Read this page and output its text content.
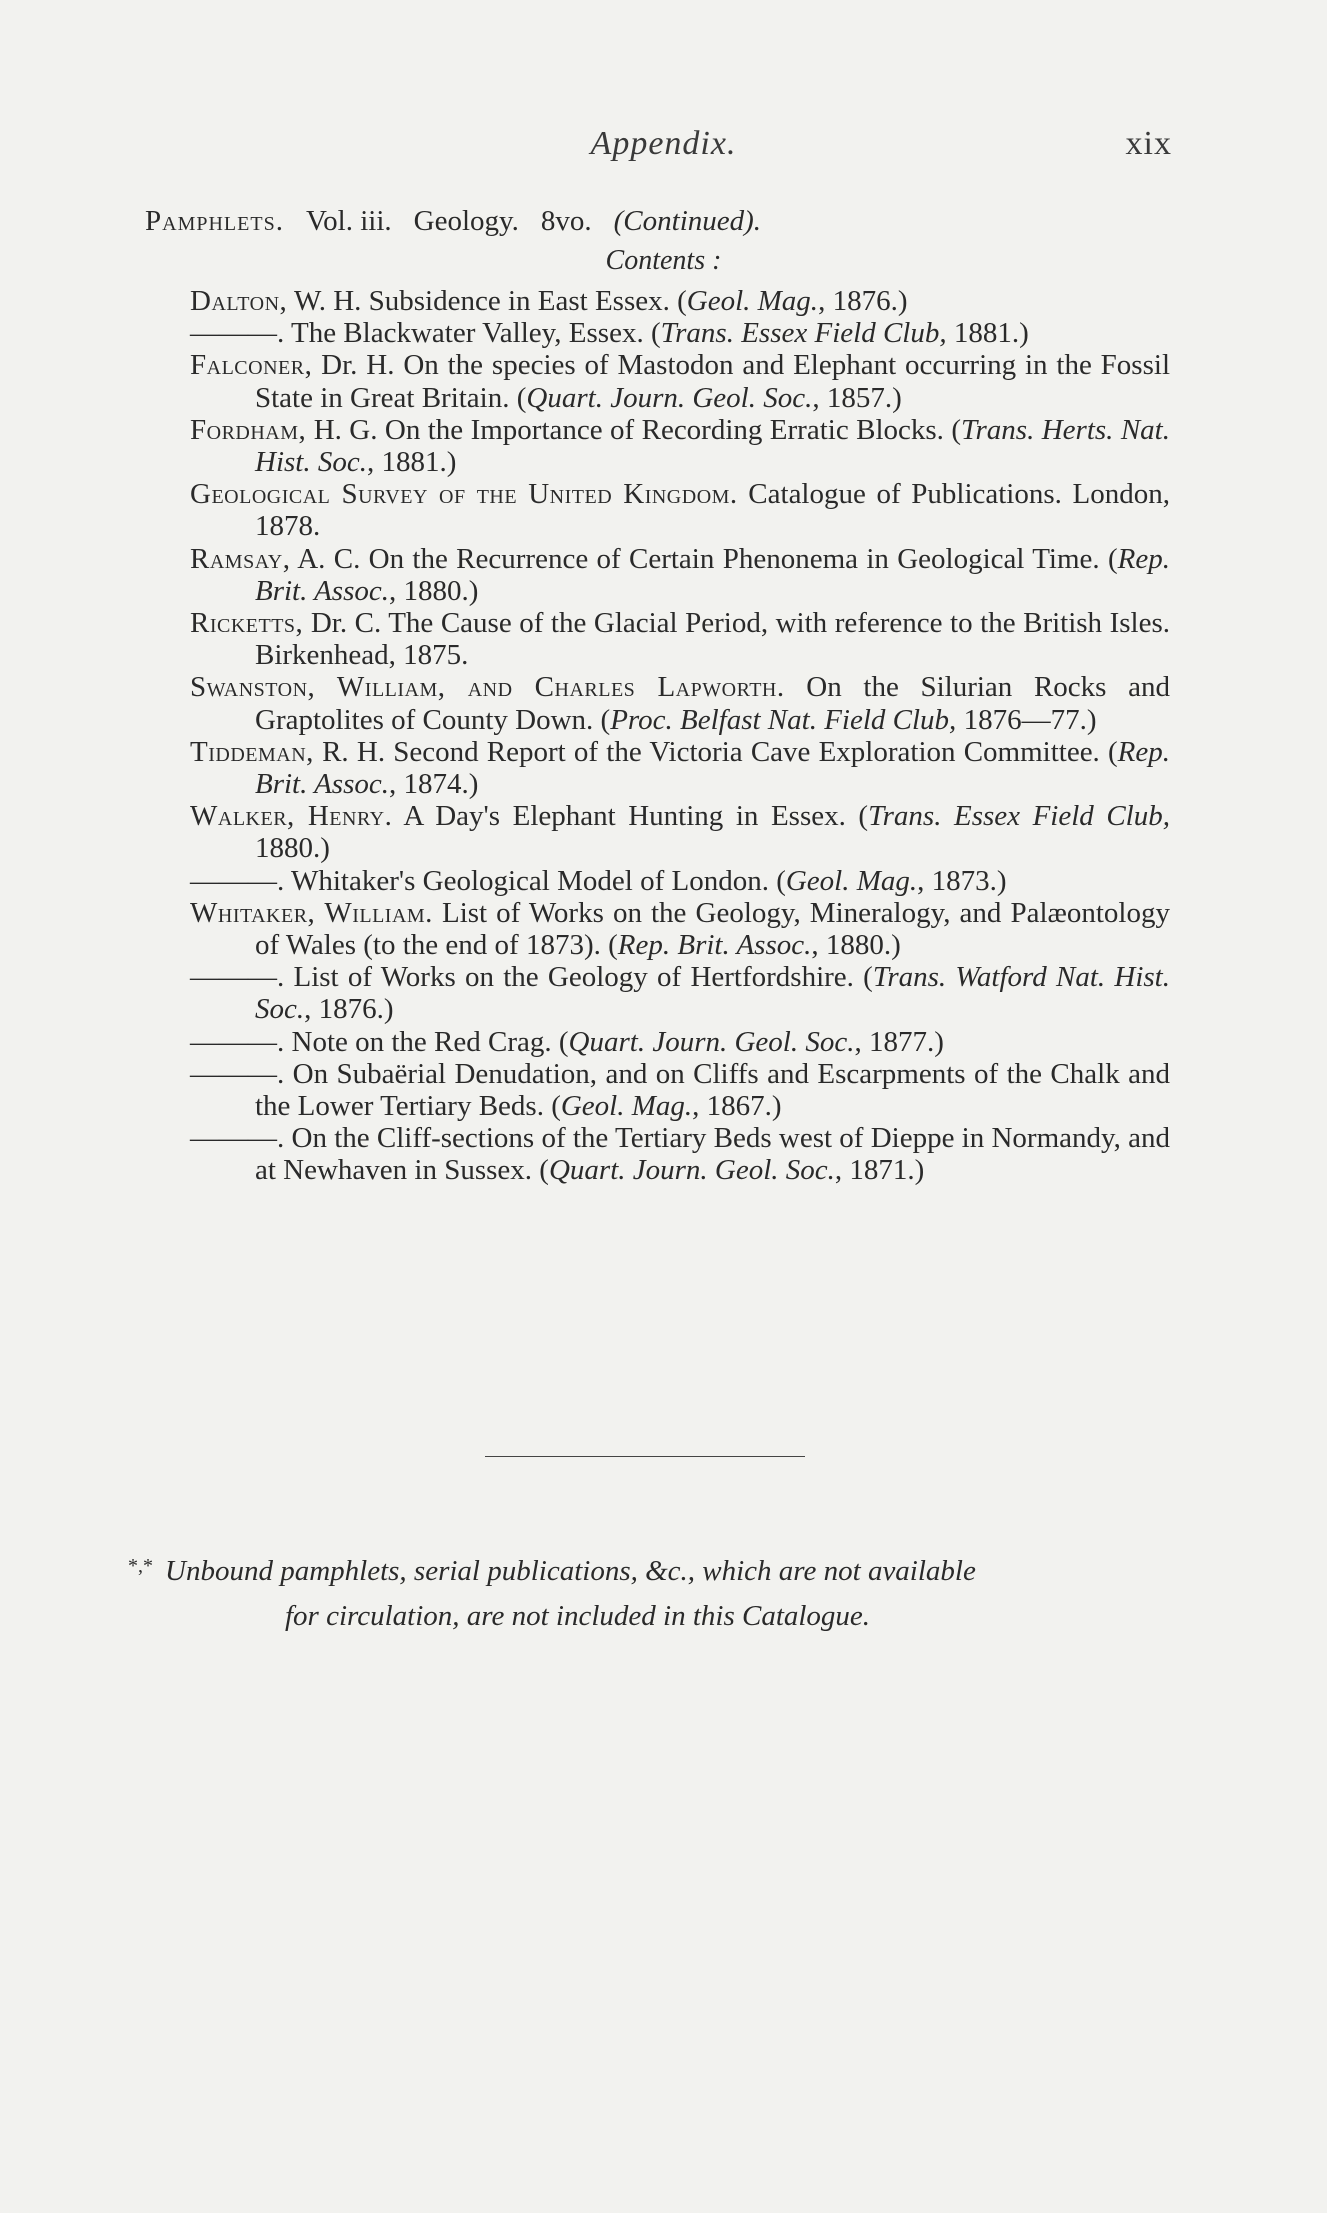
Appendix.	xix
Pamphlets. Vol. iii. Geology. 8vo. (Continued).
Contents :
Dalton, W. H. Subsidence in East Essex. (Geol. Mag., 1876.)
———. The Blackwater Valley, Essex. (Trans. Essex Field Club, 1881.)
Falconer, Dr. H. On the species of Mastodon and Elephant occurring in the Fossil State in Great Britain. (Quart. Journ. Geol. Soc., 1857.)
Fordham, H. G. On the Importance of Recording Erratic Blocks. (Trans. Herts. Nat. Hist. Soc., 1881.)
Geological Survey of the United Kingdom. Catalogue of Publications. London, 1878.
Ramsay, A. C. On the Recurrence of Certain Phenonema in Geological Time. (Rep. Brit. Assoc., 1880.)
Ricketts, Dr. C. The Cause of the Glacial Period, with reference to the British Isles. Birkenhead, 1875.
Swanston, William, and Charles Lapworth. On the Silurian Rocks and Graptolites of County Down. (Proc. Belfast Nat. Field Club, 1876—77.)
Tiddeman, R. H. Second Report of the Victoria Cave Exploration Committee. (Rep. Brit. Assoc., 1874.)
Walker, Henry. A Day's Elephant Hunting in Essex. (Trans. Essex Field Club, 1880.)
———. Whitaker's Geological Model of London. (Geol. Mag., 1873.)
Whitaker, William. List of Works on the Geology, Mineralogy, and Palæontology of Wales (to the end of 1873). (Rep. Brit. Assoc., 1880.)
———. List of Works on the Geology of Hertfordshire. (Trans. Watford Nat. Hist. Soc., 1876.)
———. Note on the Red Crag. (Quart. Journ. Geol. Soc., 1877.)
———. On Subaërial Denudation, and on Cliffs and Escarpments of the Chalk and the Lower Tertiary Beds. (Geol. Mag., 1867.)
———. On the Cliff-sections of the Tertiary Beds west of Dieppe in Normandy, and at Newhaven in Sussex. (Quart. Journ. Geol. Soc., 1871.)
*,* Unbound pamphlets, serial publications, &c., which are not available
for circulation, are not included in this Catalogue.
